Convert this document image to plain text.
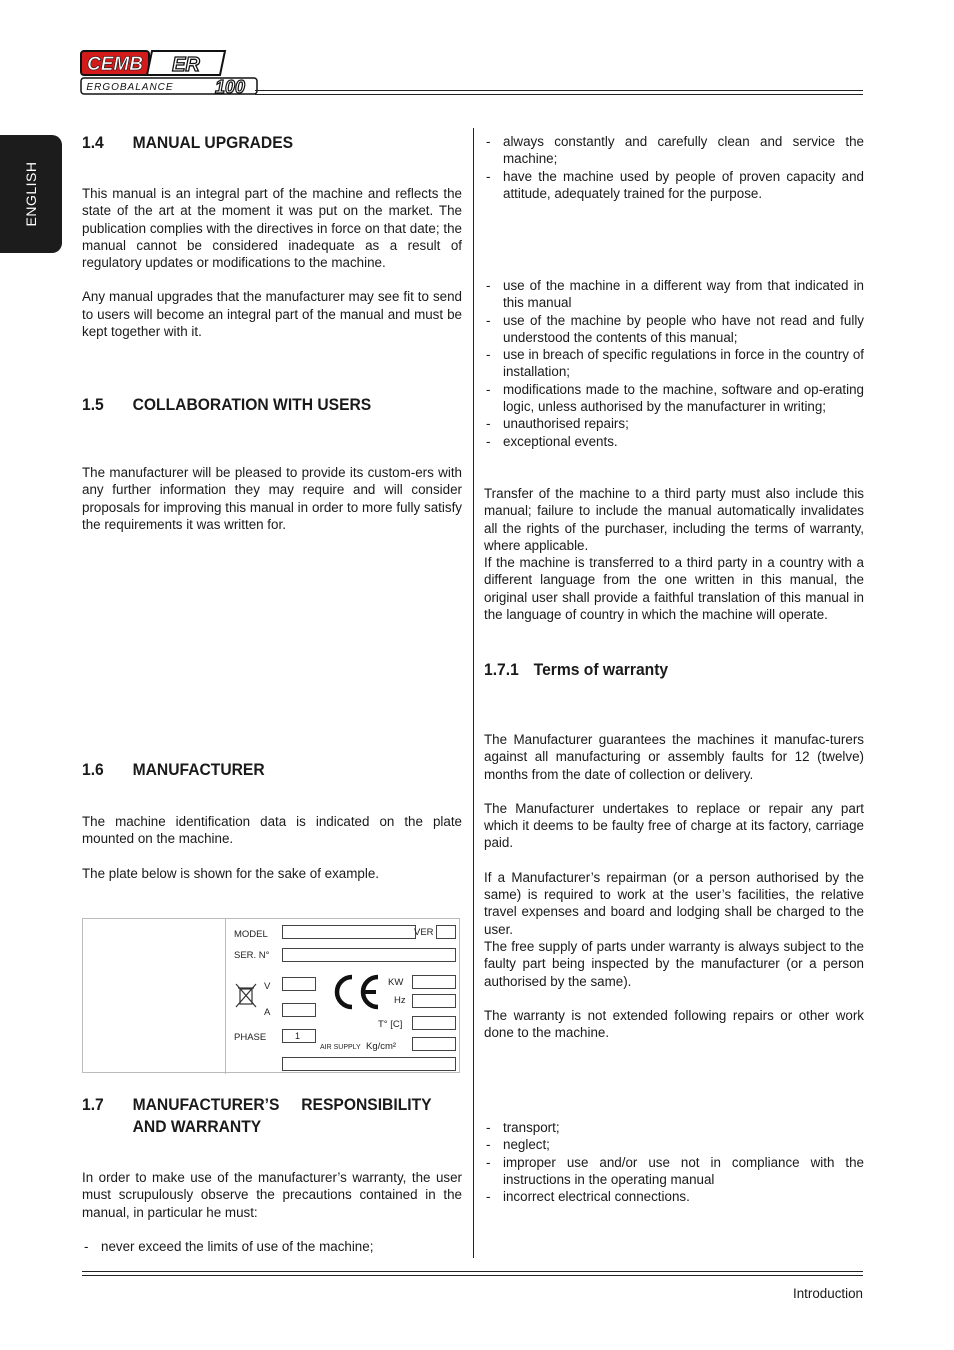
CEMB ER
ERGOBALANCE 100
ENGLISH
1.4 MANUAL UPGRADES

This manual is an integral part of the machine and reflects the state of the art at the moment it was put on the market. The publication complies with the directives in force on that date; the manual cannot be considered inadequate as a result of regulatory updates or modifications to the machine.

Any manual upgrades that the manufacturer may see fit to send to users will become an integral part of the manual and must be kept together with it.

1.5 COLLABORATION WITH USERS

The manufacturer will be pleased to provide its custom-ers with any further information they may require and will consider proposals for improving this manual in order to more fully satisfy the requirements it was written for.

1.6 MANUFACTURER

The machine identification data is indicated on the plate mounted on the machine.

The plate below is shown for the sake of example.

MODEL	VER
SER. N°
V
A
KW
Hz
T° [C]
PHASE	1
AIR SUPPLY Kg/cm²
1.7	MANUFACTURER’S RESPONSIBILITY AND WARRANTY

In order to make use of the manufacturer’s warranty, the user must scrupulously observe the precautions contained in the manual, in particular he must:

- never exceed the limits of use of the machine;
- always constantly and carefully clean and service the machine;
- have the machine used by people of proven capacity and attitude, adequately trained for the purpose.
- use of the machine in a different way from that indicated in this manual
- use of the machine by people who have not read and fully understood the contents of this manual;
- use in breach of specific regulations in force in the country of installation;
- modifications made to the machine, software and op-erating logic, unless authorised by the manufacturer in writing;
- unauthorised repairs;
- exceptional events.

Transfer of the machine to a third party must also include this manual; failure to include the manual automatically invalidates all the rights of the purchaser, including the terms of warranty, where applicable.

If the machine is transferred to a third party in a country with a different language from the one written in this manual, the original user shall provide a faithful translation of this manual in the language of country in which the machine will operate.

1.7.1 Terms of warranty

The Manufacturer guarantees the machines it manufac-turers against all manufacturing or assembly faults for 12 (twelve) months from the date of collection or delivery.

The Manufacturer undertakes to replace or repair any part which it deems to be faulty free of charge at its factory, carriage paid.

If a Manufacturer’s repairman (or a person authorised by the same) is required to work at the user’s facilities, the relative travel expenses and board and lodging shall be charged to the user.

The free supply of parts under warranty is always subject to the faulty part being inspected by the manufacturer (or a person authorised by the same).

The warranty is not extended following repairs or other work done to the machine.

- transport;
- neglect;
- improper use and/or use not in compliance with the instructions in the operating manual
- incorrect electrical connections.
Introduction
